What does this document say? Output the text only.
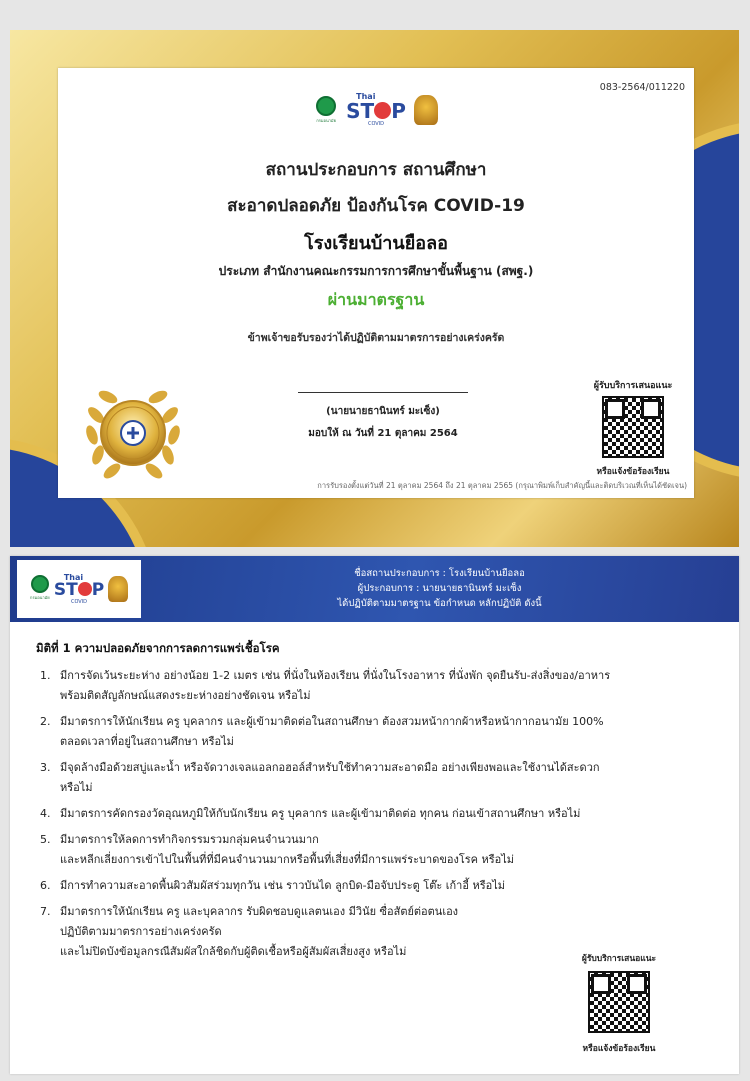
083-2564/011220
กรมอนามัย
Thai
ST P
COVID
สถานประกอบการ สถานศึกษา
สะอาดปลอดภัย ป้องกันโรค COVID-19
โรงเรียนบ้านยือลอ
ประเภท สำนักงานคณะกรรมการการศึกษาขั้นพื้นฐาน (สพฐ.)
ผ่านมาตรฐาน
ข้าพเจ้าขอรับรองว่าได้ปฏิบัติตามมาตรการอย่างเคร่งครัด
(นายนายธานินทร์ มะเซ็ง)
มอบให้ ณ วันที่ 21 ตุลาคม 2564
ผู้รับบริการเสนอแนะ
หรือแจ้งข้อร้องเรียน
การรับรองตั้งแต่วันที่ 21 ตุลาคม 2564 ถึง 21 ตุลาคม 2565 (กรุณาพิมพ์เก็บสำคัญนี้และติดบริเวณที่เห็นได้ชัดเจน)
กรมอนามัย
Thai
ST P
COVID
ชื่อสถานประกอบการ : โรงเรียนบ้านยือลอ
ผู้ประกอบการ : นายนายธานินทร์ มะเซ็ง
ได้ปฏิบัติตามมาตรฐาน ข้อกำหนด หลักปฏิบัติ ดังนี้
มิติที่ 1 ความปลอดภัยจากการลดการแพร่เชื้อโรค
1. มีการจัดเว้นระยะห่าง อย่างน้อย 1-2 เมตร เช่น ที่นั่งในห้องเรียน ที่นั่งในโรงอาหาร ที่นั่งพัก จุดยืนรับ-ส่งสิ่งของ/อาหาร
พร้อมติดสัญลักษณ์แสดงระยะห่างอย่างชัดเจน หรือไม่
2. มีมาตรการให้นักเรียน ครู บุคลากร และผู้เข้ามาติดต่อในสถานศึกษา ต้องสวมหน้ากากผ้าหรือหน้ากากอนามัย 100%
ตลอดเวลาที่อยู่ในสถานศึกษา หรือไม่
3. มีจุดล้างมือด้วยสบู่และน้ำ หรือจัดวางเจลแอลกอฮอล์สำหรับใช้ทำความสะอาดมือ อย่างเพียงพอและใช้งานได้สะดวก
หรือไม่
4. มีมาตรการคัดกรองวัดอุณหภูมิให้กับนักเรียน ครู บุคลากร และผู้เข้ามาติดต่อ ทุกคน ก่อนเข้าสถานศึกษา หรือไม่
5. มีมาตรการให้ลดการทำกิจกรรมรวมกลุ่มคนจำนวนมาก
และหลีกเลี่ยงการเข้าไปในพื้นที่ที่มีคนจำนวนมากหรือพื้นที่เสี่ยงที่มีการแพร่ระบาดของโรค หรือไม่
6. มีการทำความสะอาดพื้นผิวสัมผัสร่วมทุกวัน เช่น ราวบันได ลูกบิด-มือจับประตู โต๊ะ เก้าอี้ หรือไม่
7. มีมาตรการให้นักเรียน ครู และบุคลากร รับผิดชอบดูแลตนเอง มีวินัย ซื่อสัตย์ต่อตนเอง
ปฏิบัติตามมาตรการอย่างเคร่งครัด
และไม่ปิดบังข้อมูลกรณีสัมผัสใกล้ชิดกับผู้ติดเชื้อหรือผู้สัมผัสเสี่ยงสูง หรือไม่
ผู้รับบริการเสนอแนะ
หรือแจ้งข้อร้องเรียน
